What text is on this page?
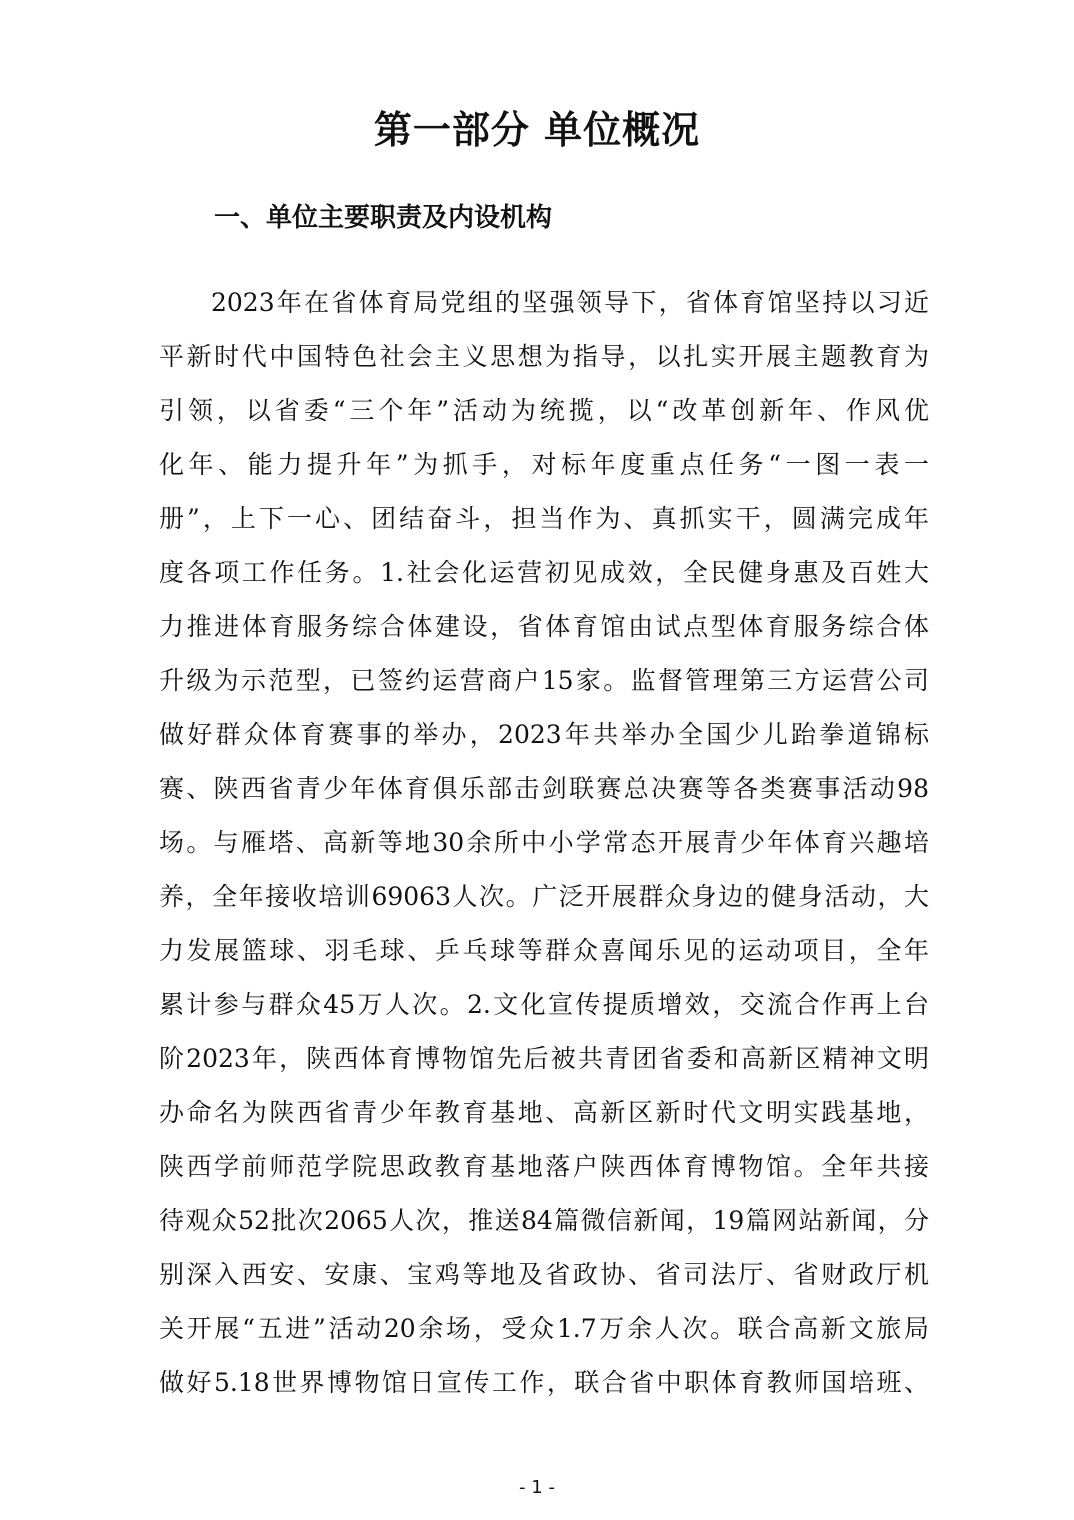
第一部分 单位概况
一、单位主要职责及内设机构
2023年在省体育局党组的坚强领导下，省体育馆坚持以习近
平新时代中国特色社会主义思想为指导，以扎实开展主题教育为
引领，以省委“三个年”活动为统揽，以“改革创新年、作风优
化年、能力提升年”为抓手，对标年度重点任务“一图一表一
册”，上下一心、团结奋斗，担当作为、真抓实干，圆满完成年
度各项工作任务。1.社会化运营初见成效，全民健身惠及百姓大
力推进体育服务综合体建设，省体育馆由试点型体育服务综合体
升级为示范型，已签约运营商户15家。监督管理第三方运营公司
做好群众体育赛事的举办，2023年共举办全国少儿跆拳道锦标
赛、陕西省青少年体育俱乐部击剑联赛总决赛等各类赛事活动98
场。与雁塔、高新等地30余所中小学常态开展青少年体育兴趣培
养，全年接收培训69063人次。广泛开展群众身边的健身活动，大
力发展篮球、羽毛球、乒乓球等群众喜闻乐见的运动项目，全年
累计参与群众45万人次。2.文化宣传提质增效，交流合作再上台
阶2023年，陕西体育博物馆先后被共青团省委和高新区精神文明
办命名为陕西省青少年教育基地、高新区新时代文明实践基地，
陕西学前师范学院思政教育基地落户陕西体育博物馆。全年共接
待观众52批次2065人次，推送84篇微信新闻，19篇网站新闻，分
别深入西安、安康、宝鸡等地及省政协、省司法厅、省财政厅机
关开展“五进”活动20余场，受众1.7万余人次。联合高新文旅局
做好5.18世界博物馆日宣传工作，联合省中职体育教师国培班、
- 1 -
